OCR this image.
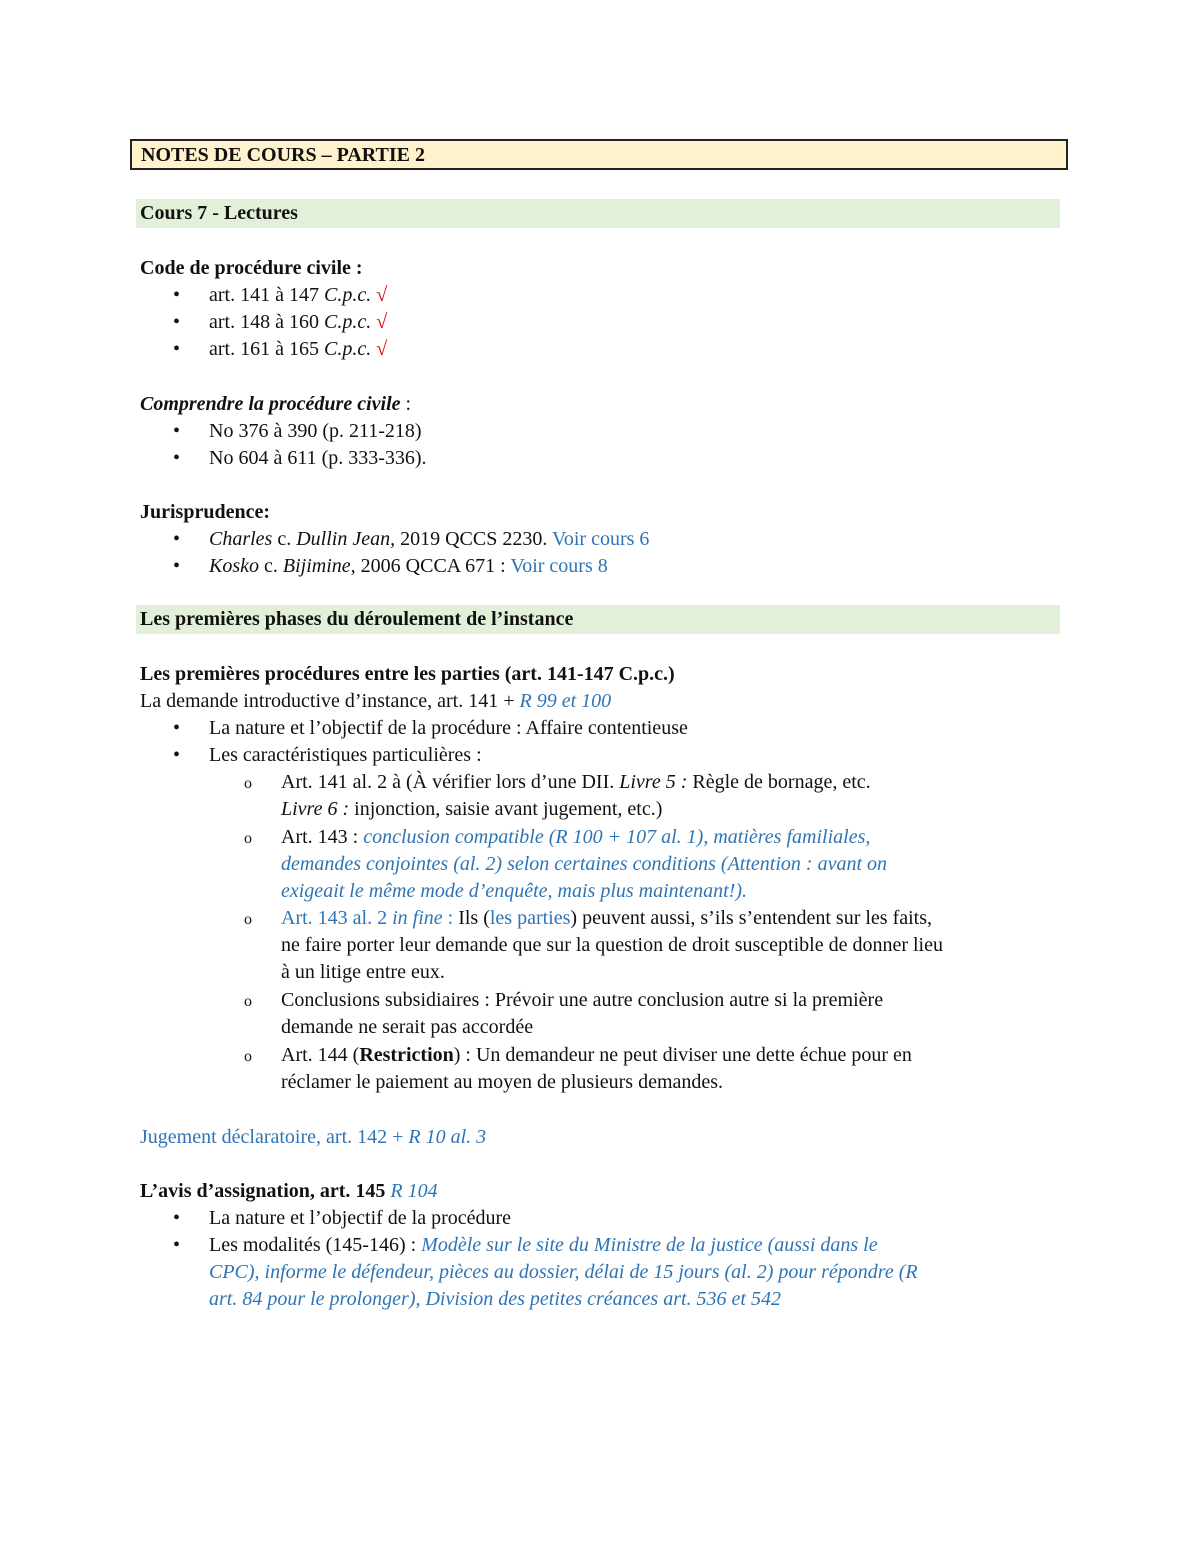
NOTES DE COURS – PARTIE 2
Cours 7 - Lectures
Code de procédure civile :
• art. 141 à 147 C.p.c. √
• art. 148 à 160 C.p.c. √
• art. 161 à 165 C.p.c. √
Comprendre la procédure civile :
• No 376 à 390 (p. 211-218)
• No 604 à 611 (p. 333-336).
Jurisprudence:
• Charles c. Dullin Jean, 2019 QCCS 2230. Voir cours 6
• Kosko c. Bijimine, 2006 QCCA 671 : Voir cours 8
Les premières phases du déroulement de l’instance
Les premières procédures entre les parties (art. 141-147 C.p.c.)
La demande introductive d’instance, art. 141 + R 99 et 100
• La nature et l’objectif de la procédure : Affaire contentieuse
• Les caractéristiques particulières :
o Art. 141 al. 2 à (À vérifier lors d’une DII. Livre 5 : Règle de bornage, etc.
Livre 6 : injonction, saisie avant jugement, etc.)
o Art. 143 : conclusion compatible (R 100 + 107 al. 1), matières familiales,
demandes conjointes (al. 2) selon certaines conditions (Attention : avant on
exigeait le même mode d’enquête, mais plus maintenant!).
o Art. 143 al. 2 in fine : Ils (les parties) peuvent aussi, s’ils s’entendent sur les faits,
ne faire porter leur demande que sur la question de droit susceptible de donner lieu
à un litige entre eux.
o Conclusions subsidiaires : Prévoir une autre conclusion autre si la première
demande ne serait pas accordée
o Art. 144 (Restriction) : Un demandeur ne peut diviser une dette échue pour en
réclamer le paiement au moyen de plusieurs demandes.
Jugement déclaratoire, art. 142 + R 10 al. 3
L’avis d’assignation, art. 145 R 104
• La nature et l’objectif de la procédure
• Les modalités (145-146) : Modèle sur le site du Ministre de la justice (aussi dans le
CPC), informe le défendeur, pièces au dossier, délai de 15 jours (al. 2) pour répondre (R
art. 84 pour le prolonger), Division des petites créances art. 536 et 542
